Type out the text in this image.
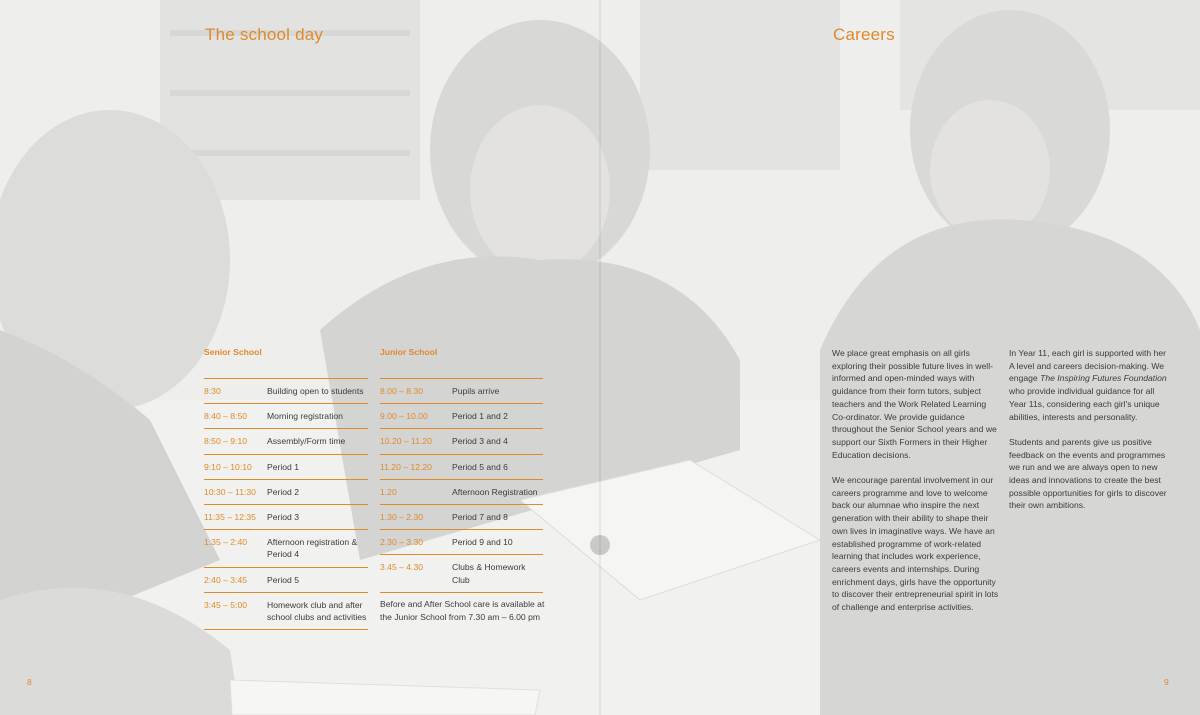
The school day
Senior School
8:30	Building open to students
8:40 – 8:50	Morning registration
8:50 – 9:10	Assembly/Form time
9:10 – 10:10	Period 1
10:30 – 11:30	Period 2
11:35 – 12:35	Period 3
1:35 – 2:40	Afternoon registration & Period 4
2:40 – 3:45	Period 5
3:45 – 5:00	Homework club and after school clubs and activities
Junior School
8.00 – 8.30	Pupils arrive
9.00 – 10.00	Period 1 and 2
10.20 – 11.20	Period 3 and 4
11.20 – 12.20	Period 5 and 6
1.20	Afternoon Registration
1.30 – 2.30	Period 7 and 8
2.30 – 3.30	Period 9 and 10
3.45 – 4.30	Clubs & Homework Club
Before and After School care is available at the Junior School from 7.30 am – 6.00 pm
8
Careers

We place great emphasis on all girls exploring their possible future lives in well-informed and open-minded ways with guidance from their form tutors, subject teachers and the Work Related Learning Co-ordinator. We provide guidance throughout the Senior School years and we support our Sixth Formers in their Higher Education decisions.

We encourage parental involvement in our careers programme and love to welcome back our alumnae who inspire the next generation with their ability to shape their own lives in imaginative ways. We have an established programme of work-related learning that includes work experience, careers events and internships. During enrichment days, girls have the opportunity to discover their entrepreneurial spirit in lots of challenge and enterprise activities.

In Year 11, each girl is supported with her A level and careers decision-making. We engage The Inspiring Futures Foundation who provide individual guidance for all Year 11s, considering each girl's unique abilities, interests and personality.

Students and parents give us positive feedback on the events and programmes we run and we are always open to new ideas and innovations to create the best possible opportunities for girls to discover their own ambitions.

9
